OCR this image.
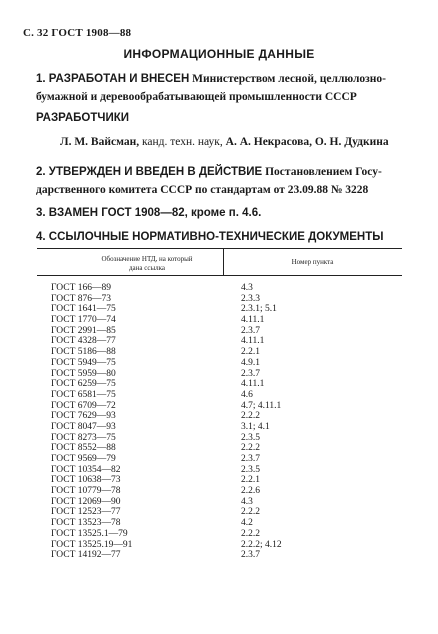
С. 32 ГОСТ 1908—88
ИНФОРМАЦИОННЫЕ ДАННЫЕ
1. РАЗРАБОТАН И ВНЕСЕН Министерством лесной, целлюлозно-
бумажной и деревообрабатывающей промышленности СССР
РАЗРАБОТЧИКИ
Л. М. Вайсман, канд. техн. наук, А. А. Некрасова, О. Н. Дудкина
2. УТВЕРЖДЕН И ВВЕДЕН В ДЕЙСТВИЕ Постановлением Госу-
дарственного комитета СССР по стандартам от 23.09.88 № 3228
3. ВЗАМЕН ГОСТ 1908—82, кроме п. 4.6.
4. ССЫЛОЧНЫЕ НОРМАТИВНО-ТЕХНИЧЕСКИЕ ДОКУМЕНТЫ
Обозначение НТД, на который
дана ссылка
Номер пункта
ГОСТ 166—89	4.3
ГОСТ 876—73	2.3.3
ГОСТ 1641—75	2.3.1; 5.1
ГОСТ 1770—74	4.11.1
ГОСТ 2991—85	2.3.7
ГОСТ 4328—77	4.11.1
ГОСТ 5186—88	2.2.1
ГОСТ 5949—75	4.9.1
ГОСТ 5959—80	2.3.7
ГОСТ 6259—75	4.11.1
ГОСТ 6581—75	4.6
ГОСТ 6709—72	4.7; 4.11.1
ГОСТ 7629—93	2.2.2
ГОСТ 8047—93	3.1; 4.1
ГОСТ 8273—75	2.3.5
ГОСТ 8552—88	2.2.2
ГОСТ 9569—79	2.3.7
ГОСТ 10354—82	2.3.5
ГОСТ 10638—73	2.2.1
ГОСТ 10779—78	2.2.6
ГОСТ 12069—90	4.3
ГОСТ 12523—77	2.2.2
ГОСТ 13523—78	4.2
ГОСТ 13525.1—79	2.2.2
ГОСТ 13525.19—91	2.2.2; 4.12
ГОСТ 14192—77	2.3.7
